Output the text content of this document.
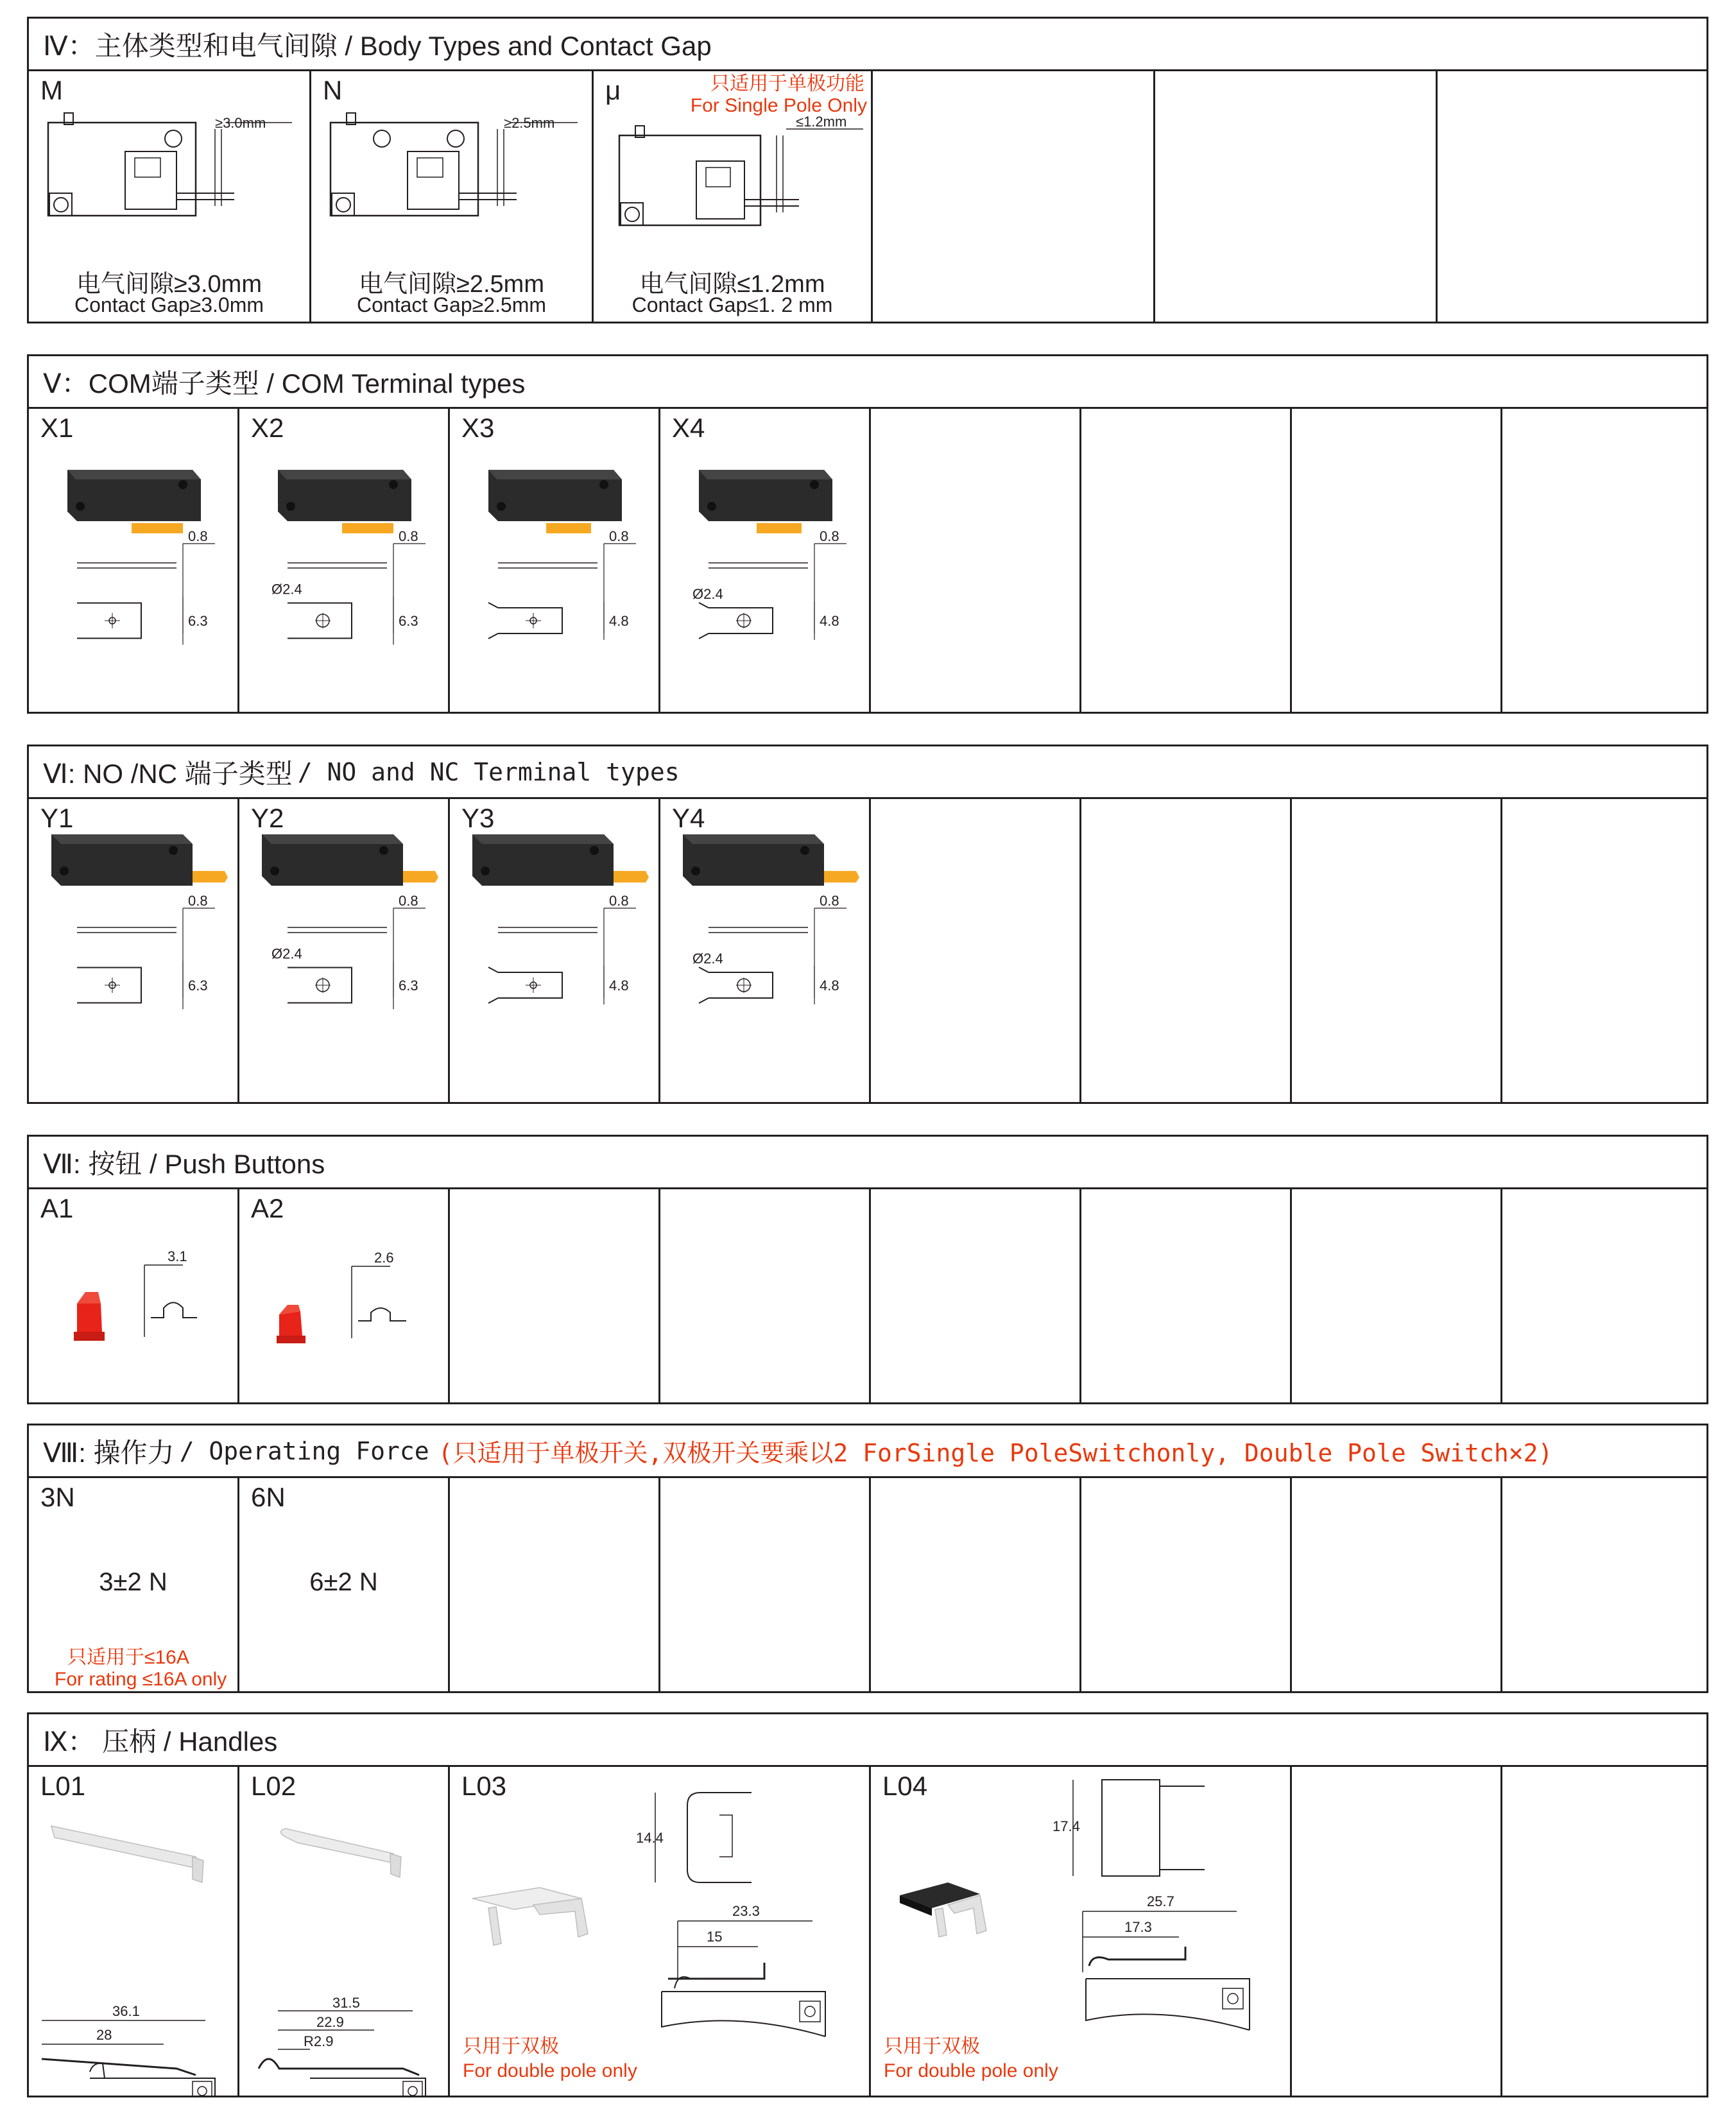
Ⅳ：主体类型和电气间隙 / Body Types and Contact Gap
M
≥3.0mm
电气间隙≥3.0mm
Contact Gap≥3.0mm
N
≥2.5mm
电气间隙≥2.5mm
Contact Gap≥2.5mm
μ	只适用于单极功能
For Single Pole Only
≤1.2mm
电气间隙≤1.2mm
Contact Gap≤1. 2 mm
Ⅴ：COM端子类型 / COM Terminal types
X1
0.8
6.3
X2
0.8
6.3
Ø2.4
X3
0.8
4.8
X4
0.8
4.8
Ø2.4
Ⅵ: NO /NC 端子类型 / NO and NC Terminal types
Y1
0.8
6.3
Y2
0.8
6.3
Ø2.4
Y3
0.8
4.8
Y4
0.8
4.8
Ø2.4
Ⅶ: 按钮 / Push Buttons
A1
3.1
A2
2.6
Ⅷ: 操作力 / Operating Force (只适用于单极开关,双极开关要乘以2 ForSingle PoleSwitchonly, Double Pole Switch×2)
3N
3±2 N
只适用于≤16A
For rating ≤16A only
6N
6±2 N
Ⅸ： 压柄 / Handles
L01
36.1
28
L02
31.5
22.9
R2.9
L03
14.4
23.3
15
只用于双极
For double pole only
L04
17.4
25.7
17.3
只用于双极
For double pole only
